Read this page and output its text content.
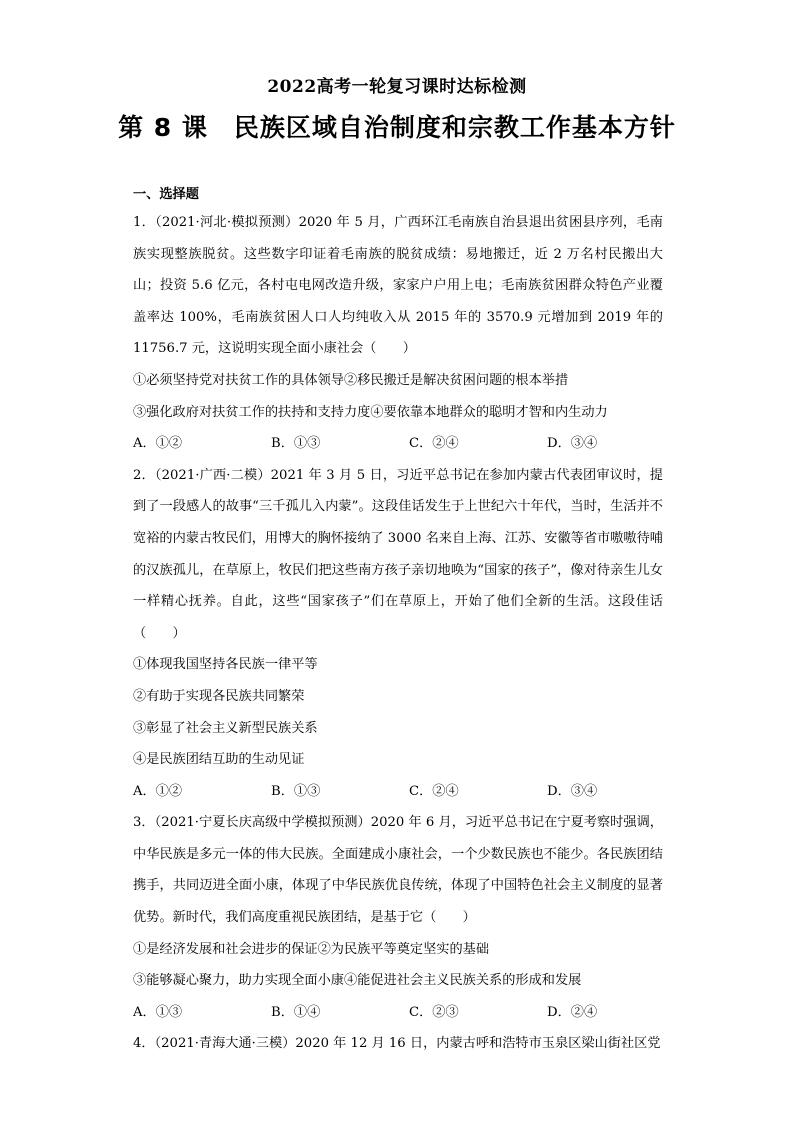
2022高考一轮复习课时达标检测
第 8 课　民族区域自治制度和宗教工作基本方针
一、选择题
1．（2021·河北·模拟预测）2020 年 5 月，广西环江毛南族自治县退出贫困县序列，毛南族实现整族脱贫。这些数字印证着毛南族的脱贫成绩：易地搬迁，近 2 万名村民搬出大山；投资 5.6 亿元，各村屯电网改造升级，家家户户用上电；毛南族贫困群众特色产业覆盖率达 100%，毛南族贫困人口人均纯收入从 2015 年的 3570.9 元增加到 2019 年的 11756.7 元，这说明实现全面小康社会（　　）
①必须坚持党对扶贫工作的具体领导②移民搬迁是解决贫困问题的根本举措
③强化政府对扶贫工作的扶持和支持力度④要依靠本地群众的聪明才智和内生动力
A．①②	B．①③	C．②④	D．③④
2．（2021·广西·二模）2021 年 3 月 5 日，习近平总书记在参加内蒙古代表团审议时，提到了一段感人的故事“三千孤儿入内蒙”。这段佳话发生于上世纪六十年代，当时，生活并不宽裕的内蒙古牧民们，用博大的胸怀接纳了 3000 名来自上海、江苏、安徽等省市嗷嗷待哺的汉族孤儿，在草原上，牧民们把这些南方孩子亲切地唤为“国家的孩子”，像对待亲生儿女一样精心抚养。自此，这些“国家孩子”们在草原上，开始了他们全新的生活。这段佳话（　　）
①体现我国坚持各民族一律平等
②有助于实现各民族共同繁荣
③彰显了社会主义新型民族关系
④是民族团结互助的生动见证
A．①②	B．①③	C．②④	D．③④
3．（2021·宁夏长庆高级中学模拟预测）2020 年 6 月，习近平总书记在宁夏考察时强调，中华民族是多元一体的伟大民族。全面建成小康社会，一个少数民族也不能少。各民族团结携手，共同迈进全面小康，体现了中华民族优良传统，体现了中国特色社会主义制度的显著优势。新时代，我们高度重视民族团结，是基于它（　　）
①是经济发展和社会进步的保证②为民族平等奠定坚实的基础
③能够凝心聚力，助力实现全面小康④能促进社会主义民族关系的形成和发展
A．①③	B．①④	C．②③	D．②④
4．（2021·青海大通·三模）2020 年 12 月 16 日，内蒙古呼和浩特市玉泉区梁山街社区党
